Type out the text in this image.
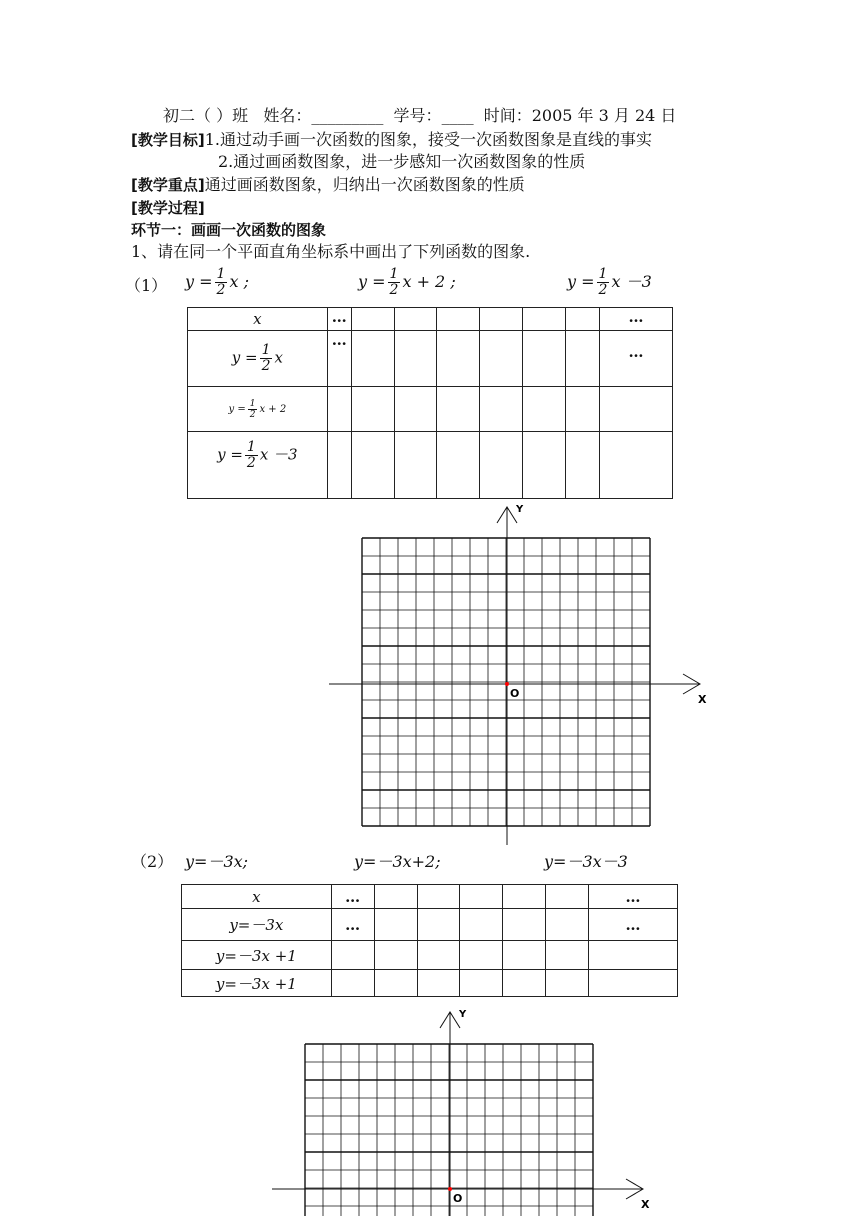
初二（ ）班 姓名：_________ 学号：____ 时间：2005 年 3 月 24 日
[教学目标]1.通过动手画一次函数的图象，接受一次函数图象是直线的事实
2.通过画函数图象，进一步感知一次函数图象的性质
[教学重点]通过画函数图象，归纳出一次函数图象的性质
[教学过程]
环节一：画画一次函数的图象
1、请在同一个平面直角坐标系中画出了下列函数的图象.
（1） $y = \frac{1}{2}$ x ;	$y = \frac{1}{2}$ x + 2 ;	$y = \frac{1}{2}$ x －3
x	…							…
$y = \frac{1}{2}$ x	…							…
$y = \frac{1}{2}$ x + 2								
$y = \frac{1}{2}$ x －3								
Y
X
O
（2） y=－3x;	y=－3x+2;	y=－3x－3
x	…						…
y=－3x	…						…
y=－3x +1							
y=－3x +1							
Y
X
O
